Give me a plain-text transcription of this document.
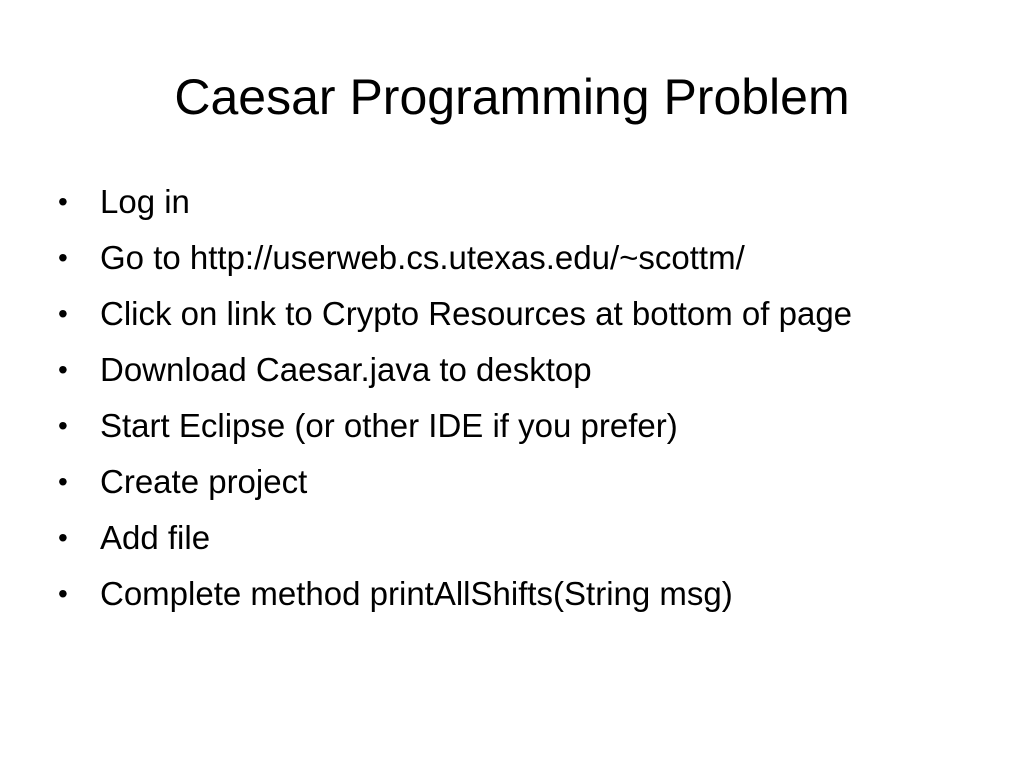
Caesar Programming Problem
• Log in
• Go to http://userweb.cs.utexas.edu/~scottm/
• Click on link to Crypto Resources at bottom of page
• Download Caesar.java to desktop
• Start Eclipse (or other IDE if you prefer)
• Create project
• Add file
• Complete method printAllShifts(String msg)
